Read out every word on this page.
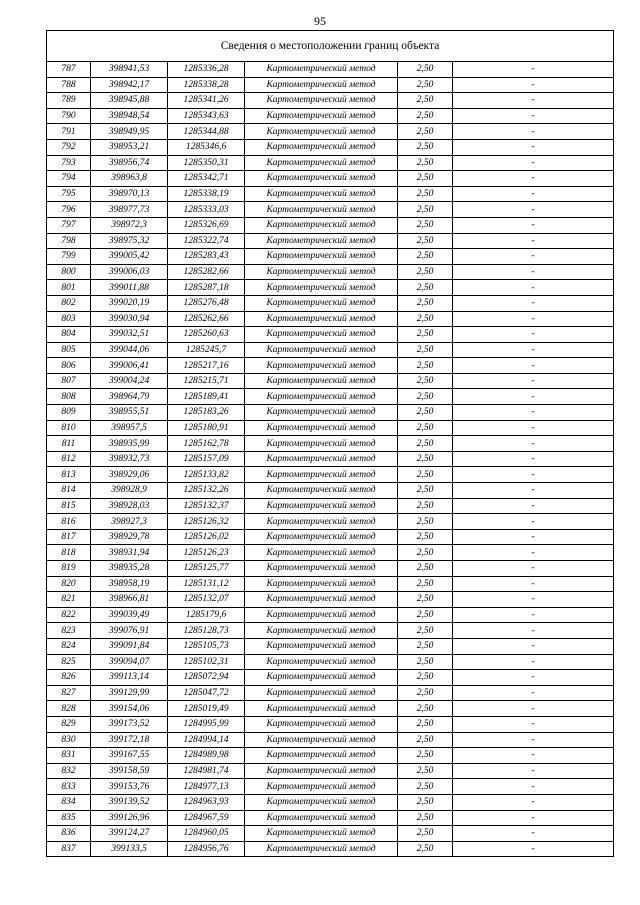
95
Сведения о местоположении границ объекта					
787	398941,53	1285336,28	Картометрический метод	2,50	-
788	398942,17	1285338,28	Картометрический метод	2,50	-
789	398945,88	1285341,26	Картометрический метод	2,50	-
790	398948,54	1285343,63	Картометрический метод	2,50	-
791	398949,95	1285344,88	Картометрический метод	2,50	-
792	398953,21	1285346,6	Картометрический метод	2,50	-
793	398956,74	1285350,31	Картометрический метод	2,50	-
794	398963,8	1285342,71	Картометрический метод	2,50	-
795	398970,13	1285338,19	Картометрический метод	2,50	-
796	398977,73	1285333,03	Картометрический метод	2,50	-
797	398972,3	1285326,69	Картометрический метод	2,50	-
798	398975,32	1285322,74	Картометрический метод	2,50	-
799	399005,42	1285283,43	Картометрический метод	2,50	-
800	399006,03	1285282,66	Картометрический метод	2,50	-
801	399011,88	1285287,18	Картометрический метод	2,50	-
802	399020,19	1285276,48	Картометрический метод	2,50	-
803	399030,94	1285262,66	Картометрический метод	2,50	-
804	399032,51	1285260,63	Картометрический метод	2,50	-
805	399044,06	1285245,7	Картометрический метод	2,50	-
806	399006,41	1285217,16	Картометрический метод	2,50	-
807	399004,24	1285215,71	Картометрический метод	2,50	-
808	398964,79	1285189,41	Картометрический метод	2,50	-
809	398955,51	1285183,26	Картометрический метод	2,50	-
810	398957,5	1285180,91	Картометрический метод	2,50	-
811	398935,99	1285162,78	Картометрический метод	2,50	-
812	398932,73	1285157,09	Картометрический метод	2,50	-
813	398929,06	1285133,82	Картометрический метод	2,50	-
814	398928,9	1285132,26	Картометрический метод	2,50	-
815	398928,03	1285132,37	Картометрический метод	2,50	-
816	398927,3	1285126,32	Картометрический метод	2,50	-
817	398929,78	1285126,02	Картометрический метод	2,50	-
818	398931,94	1285126,23	Картометрический метод	2,50	-
819	398935,28	1285125,77	Картометрический метод	2,50	-
820	398958,19	1285131,12	Картометрический метод	2,50	-
821	398966,81	1285132,07	Картометрический метод	2,50	-
822	399039,49	1285179,6	Картометрический метод	2,50	-
823	399076,91	1285128,73	Картометрический метод	2,50	-
824	399091,84	1285105,73	Картометрический метод	2,50	-
825	399094,07	1285102,31	Картометрический метод	2,50	-
826	399113,14	1285072,94	Картометрический метод	2,50	-
827	399129,99	1285047,72	Картометрический метод	2,50	-
828	399154,06	1285019,49	Картометрический метод	2,50	-
829	399173,52	1284995,99	Картометрический метод	2,50	-
830	399172,18	1284994,14	Картометрический метод	2,50	-
831	399167,55	1284989,98	Картометрический метод	2,50	-
832	399158,59	1284981,74	Картометрический метод	2,50	-
833	399153,76	1284977,13	Картометрический метод	2,50	-
834	399139,52	1284963,93	Картометрический метод	2,50	-
835	399126,96	1284967,59	Картометрический метод	2,50	-
836	399124,27	1284960,05	Картометрический метод	2,50	-
837	399133,5	1284956,76	Картометрический метод	2,50	-
